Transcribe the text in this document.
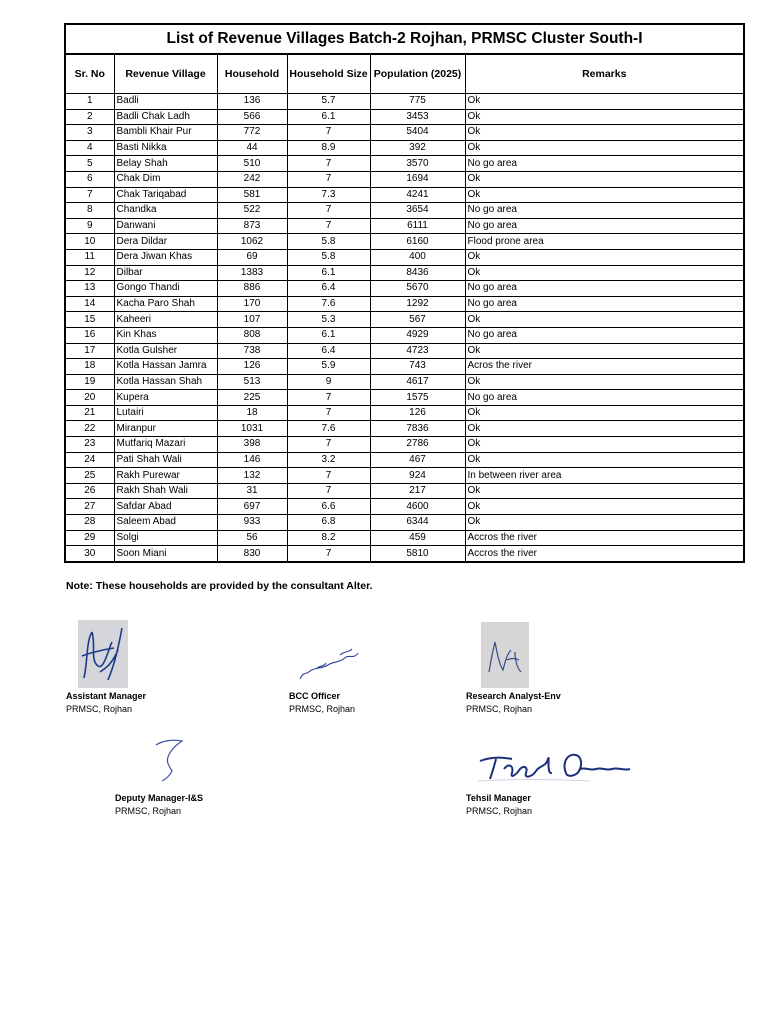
List of Revenue Villages Batch-2 Rojhan, PRMSC Cluster South-I					
Sr. No	Revenue Village	Household	Household Size	Population (2025)	Remarks
1	Badli	136	5.7	775	Ok
2	Badli Chak Ladh	566	6.1	3453	Ok
3	Bambli Khair Pur	772	7	5404	Ok
4	Basti Nikka	44	8.9	392	Ok
5	Belay Shah	510	7	3570	No go area
6	Chak Dim	242	7	1694	Ok
7	Chak Tariqabad	581	7.3	4241	Ok
8	Chandka	522	7	3654	No go area
9	Danwani	873	7	6111	No go area
10	Dera Dildar	1062	5.8	6160	Flood prone area
11	Dera Jiwan Khas	69	5.8	400	Ok
12	Dilbar	1383	6.1	8436	Ok
13	Gongo Thandi	886	6.4	5670	No go area
14	Kacha Paro Shah	170	7.6	1292	No go area
15	Kaheeri	107	5.3	567	Ok
16	Kin Khas	808	6.1	4929	No go area
17	Kotla Gulsher	738	6.4	4723	Ok
18	Kotla Hassan Jamra	126	5.9	743	Acros the river
19	Kotla Hassan Shah	513	9	4617	Ok
20	Kupera	225	7	1575	No go area
21	Lutairi	18	7	126	Ok
22	Miranpur	1031	7.6	7836	Ok
23	Mutfariq Mazari	398	7	2786	Ok
24	Pati Shah Wali	146	3.2	467	Ok
25	Rakh Purewar	132	7	924	In between river area
26	Rakh Shah Wali	31	7	217	Ok
27	Safdar Abad	697	6.6	4600	Ok
28	Saleem Abad	933	6.8	6344	Ok
29	Solgi	56	8.2	459	Accros the river
30	Soon Miani	830	7	5810	Accros the river
Note: These households are provided by the consultant Alter.
Assistant Manager
PRMSC, Rojhan
BCC Officer
PRMSC, Rojhan
Research Analyst-Env
PRMSC, Rojhan
Deputy Manager-I&S
PRMSC, Rojhan
Tehsil Manager
PRMSC, Rojhan
